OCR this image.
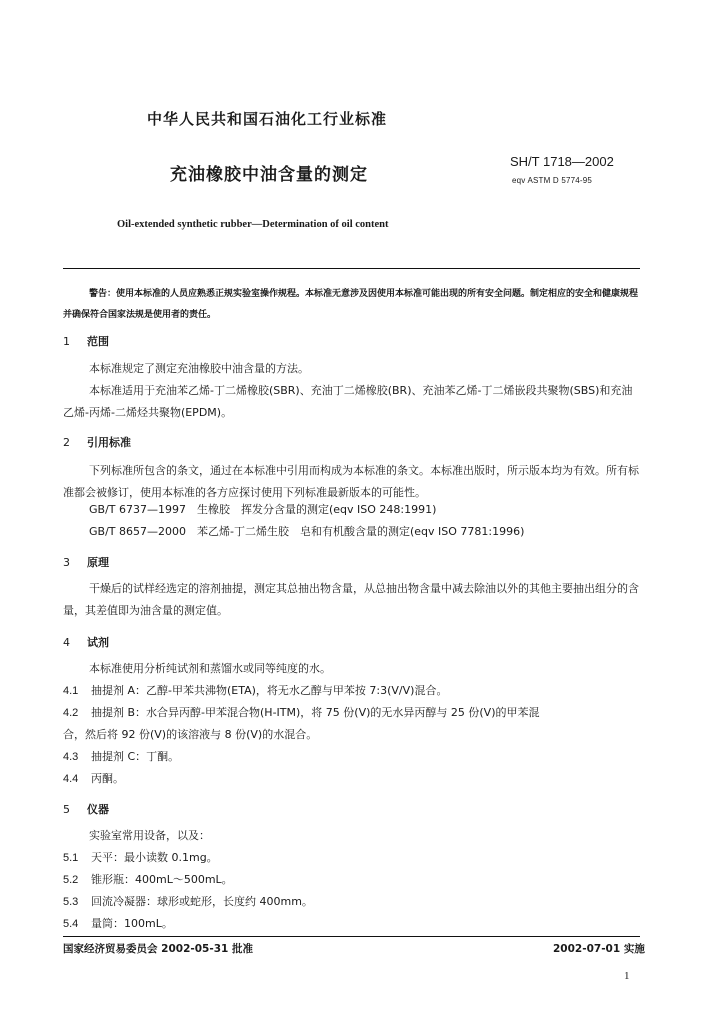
中华人民共和国石油化工行业标准
充油橡胶中油含量的测定
SH/T 1718—2002
eqv ASTM D 5774-95
Oil-extended synthetic rubber—Determination of oil content
警告：使用本标准的人员应熟悉正规实验室操作规程。本标准无意涉及因使用本标准可能出现的所有安全问题。制定相应的安全和健康规程并确保符合国家法规是使用者的责任。
1 范围
本标准规定了测定充油橡胶中油含量的方法。
本标准适用于充油苯乙烯-丁二烯橡胶(SBR)、充油丁二烯橡胶(BR)、充油苯乙烯-丁二烯嵌段共聚物(SBS)和充油乙烯-丙烯-二烯烃共聚物(EPDM)。
2 引用标准
下列标准所包含的条文，通过在本标准中引用而构成为本标准的条文。本标准出版时，所示版本均为有效。所有标准都会被修订，使用本标准的各方应探讨使用下列标准最新版本的可能性。
GB/T 6737—1997　生橡胶　挥发分含量的测定(eqv ISO 248:1991)
GB/T 8657—2000　苯乙烯-丁二烯生胶　皂和有机酸含量的测定(eqv ISO 7781:1996)
3 原理
干燥后的试样经选定的溶剂抽提，测定其总抽出物含量，从总抽出物含量中减去除油以外的其他主要抽出组分的含量，其差值即为油含量的测定值。
4 试剂
本标准使用分析纯试剂和蒸馏水或同等纯度的水。
4.1 抽提剂 A：乙醇-甲苯共沸物(ETA)，将无水乙醇与甲苯按 7:3(V/V)混合。
4.2 抽提剂 B：水合异丙醇-甲苯混合物(H-ITM)，将 75 份(V)的无水异丙醇与 25 份(V)的甲苯混
合，然后将 92 份(V)的该溶液与 8 份(V)的水混合。
4.3 抽提剂 C：丁酮。
4.4 丙酮。
5 仪器
实验室常用设备，以及：
5.1 天平：最小读数 0.1mg。
5.2 锥形瓶：400mL～500mL。
5.3 回流冷凝器：球形或蛇形，长度约 400mm。
5.4 量筒：100mL。
国家经济贸易委员会 2002-05-31 批准	2002-07-01 实施
1
